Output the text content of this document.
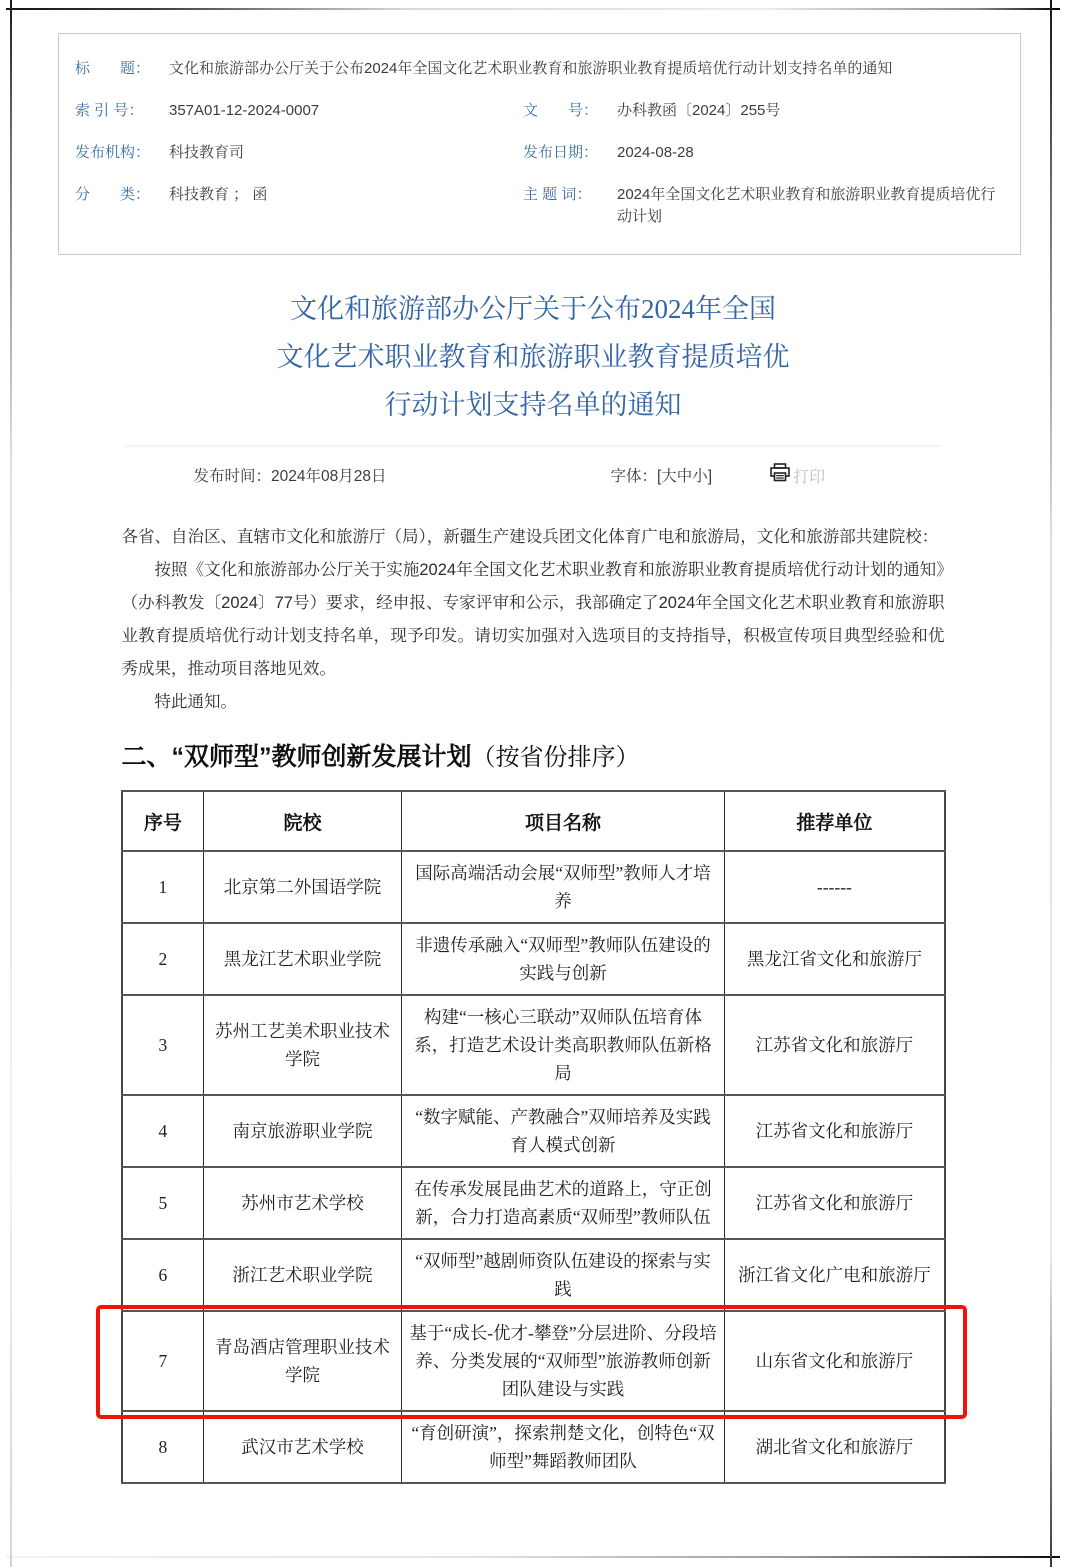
标　　题：	文化和旅游部办公厅关于公布2024年全国文化艺术职业教育和旅游职业教育提质培优行动计划支持名单的通知
索 引 号：	357A01-12-2024-0007	文　　号：	办科教函〔2024〕255号
发布机构：	科技教育司	发布日期：	2024-08-28
分　　类：	科技教育 ； 函	主 题 词：	2024年全国文化艺术职业教育和旅游职业教育提质培优行动计划
文化和旅游部办公厅关于公布2024年全国
文化艺术职业教育和旅游职业教育提质培优
行动计划支持名单的通知
发布时间：2024年08月28日	字体：[大中小]	打印

各省、自治区、直辖市文化和旅游厅（局），新疆生产建设兵团文化体育广电和旅游局，文化和旅游部共建院校：

按照《文化和旅游部办公厅关于实施2024年全国文化艺术职业教育和旅游职业教育提质培优行动计划的通知》（办科教发〔2024〕77号）要求，经申报、专家评审和公示，我部确定了2024年全国文化艺术职业教育和旅游职业教育提质培优行动计划支持名单，现予印发。请切实加强对入选项目的支持指导，积极宣传项目典型经验和优秀成果，推动项目落地见效。

特此通知。

二、“双师型”教师创新发展计划（按省份排序）
序号	院校	项目名称	推荐单位
1	北京第二外国语学院	国际高端活动会展“双师型”教师人才培养	------
2	黑龙江艺术职业学院	非遗传承融入“双师型”教师队伍建设的实践与创新	黑龙江省文化和旅游厅
3	苏州工艺美术职业技术学院	构建“一核心三联动”双师队伍培育体系，打造艺术设计类高职教师队伍新格局	江苏省文化和旅游厅
4	南京旅游职业学院	“数字赋能、产教融合”双师培养及实践育人模式创新	江苏省文化和旅游厅
5	苏州市艺术学校	在传承发展昆曲艺术的道路上，守正创新，合力打造高素质“双师型”教师队伍	江苏省文化和旅游厅
6	浙江艺术职业学院	“双师型”越剧师资队伍建设的探索与实践	浙江省文化广电和旅游厅
7	青岛酒店管理职业技术学院	基于“成长-优才-攀登”分层进阶、分段培养、分类发展的“双师型”旅游教师创新团队建设与实践	山东省文化和旅游厅
8	武汉市艺术学校	“育创研演”，探索荆楚文化，创特色“双师型”舞蹈教师团队	湖北省文化和旅游厅
